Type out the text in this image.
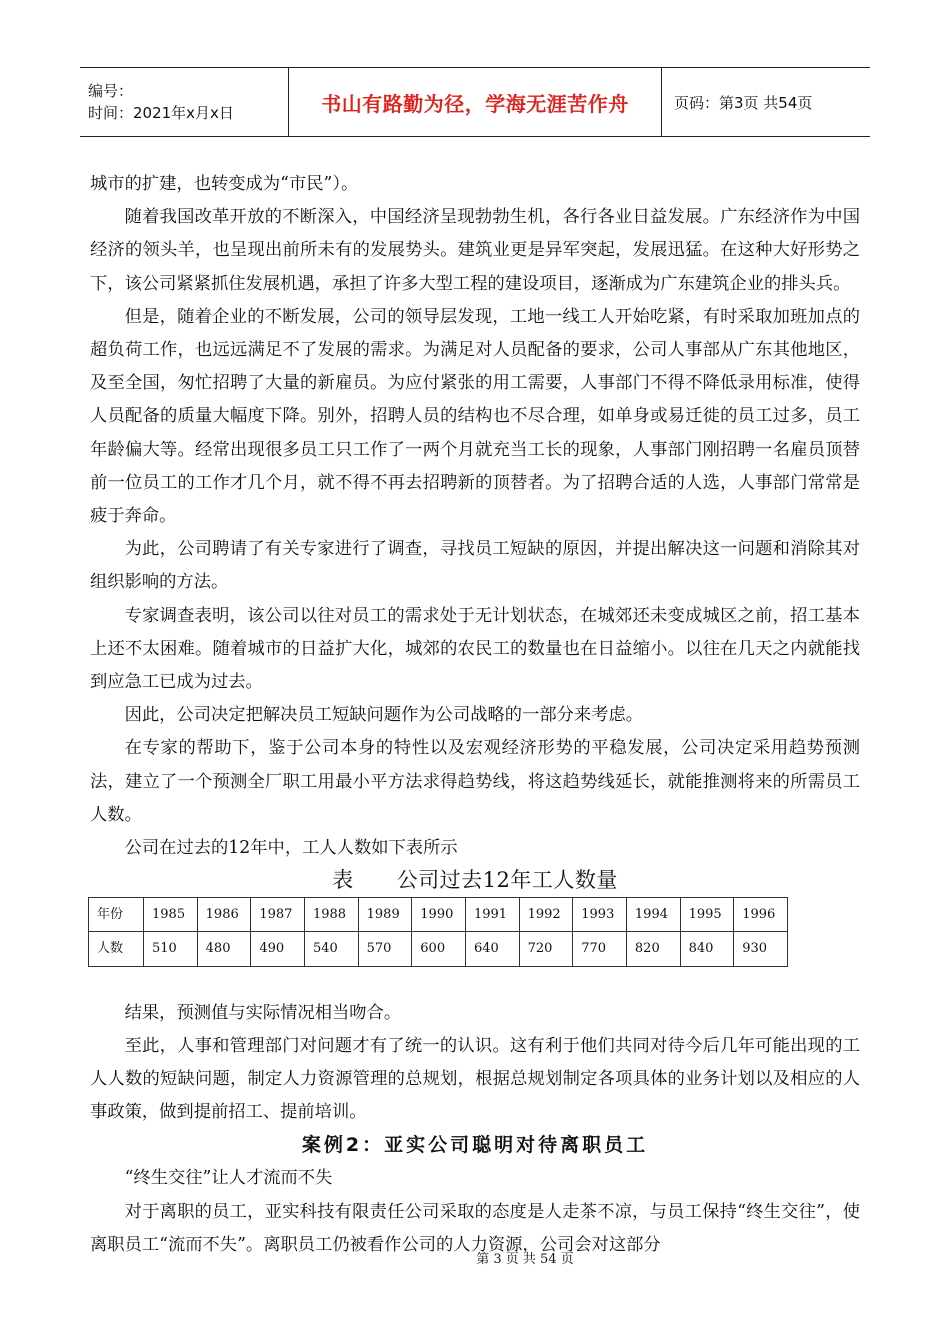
编号：
时间：2021年x月x日	书山有路勤为径，学海无涯苦作舟	页码：第3页 共54页

城市的扩建，也转变成为“市民”）。

随着我国改革开放的不断深入，中国经济呈现勃勃生机，各行各业日益发展。广东经济作为中国经济的领头羊，也呈现出前所未有的发展势头。建筑业更是异军突起，发展迅猛。在这种大好形势之下，该公司紧紧抓住发展机遇，承担了许多大型工程的建设项目，逐渐成为广东建筑企业的排头兵。

但是，随着企业的不断发展，公司的领导层发现，工地一线工人开始吃紧，有时采取加班加点的超负荷工作，也远远满足不了发展的需求。为满足对人员配备的要求，公司人事部从广东其他地区，及至全国，匆忙招聘了大量的新雇员。为应付紧张的用工需要，人事部门不得不降低录用标准，使得人员配备的质量大幅度下降。别外，招聘人员的结构也不尽合理，如单身或易迁徙的员工过多，员工年龄偏大等。经常出现很多员工只工作了一两个月就充当工长的现象，人事部门刚招聘一名雇员顶替前一位员工的工作才几个月，就不得不再去招聘新的顶替者。为了招聘合适的人选，人事部门常常是疲于奔命。

为此，公司聘请了有关专家进行了调查，寻找员工短缺的原因，并提出解决这一问题和消除其对组织影响的方法。

专家调查表明，该公司以往对员工的需求处于无计划状态，在城郊还未变成城区之前，招工基本上还不太困难。随着城市的日益扩大化，城郊的农民工的数量也在日益缩小。以往在几天之内就能找到应急工已成为过去。

因此，公司决定把解决员工短缺问题作为公司战略的一部分来考虑。

在专家的帮助下，鉴于公司本身的特性以及宏观经济形势的平稳发展，公司决定采用趋势预测法，建立了一个预测全厂职工用最小平方法求得趋势线，将这趋势线延长，就能推测将来的所需员工人数。

公司在过去的12年中，工人人数如下表所示

表　　公司过去12年工人数量

年份	1985	1986	1987	1988	1989	1990	1991	1992	1993	1994	1995	1996
人数	510	480	490	540	570	600	640	720	770	820	840	930

结果，预测值与实际情况相当吻合。

至此，人事和管理部门对问题才有了统一的认识。这有利于他们共同对待今后几年可能出现的工人人数的短缺问题，制定人力资源管理的总规划，根据总规划制定各项具体的业务计划以及相应的人事政策，做到提前招工、提前培训。

案例2：亚实公司聪明对待离职员工

“终生交往”让人才流而不失

对于离职的员工，亚实科技有限责任公司采取的态度是人走茶不凉，与员工保持“终生交往”，使离职员工“流而不失”。离职员工仍被看作公司的人力资源，公司会对这部分

第 3 页 共 54 页
